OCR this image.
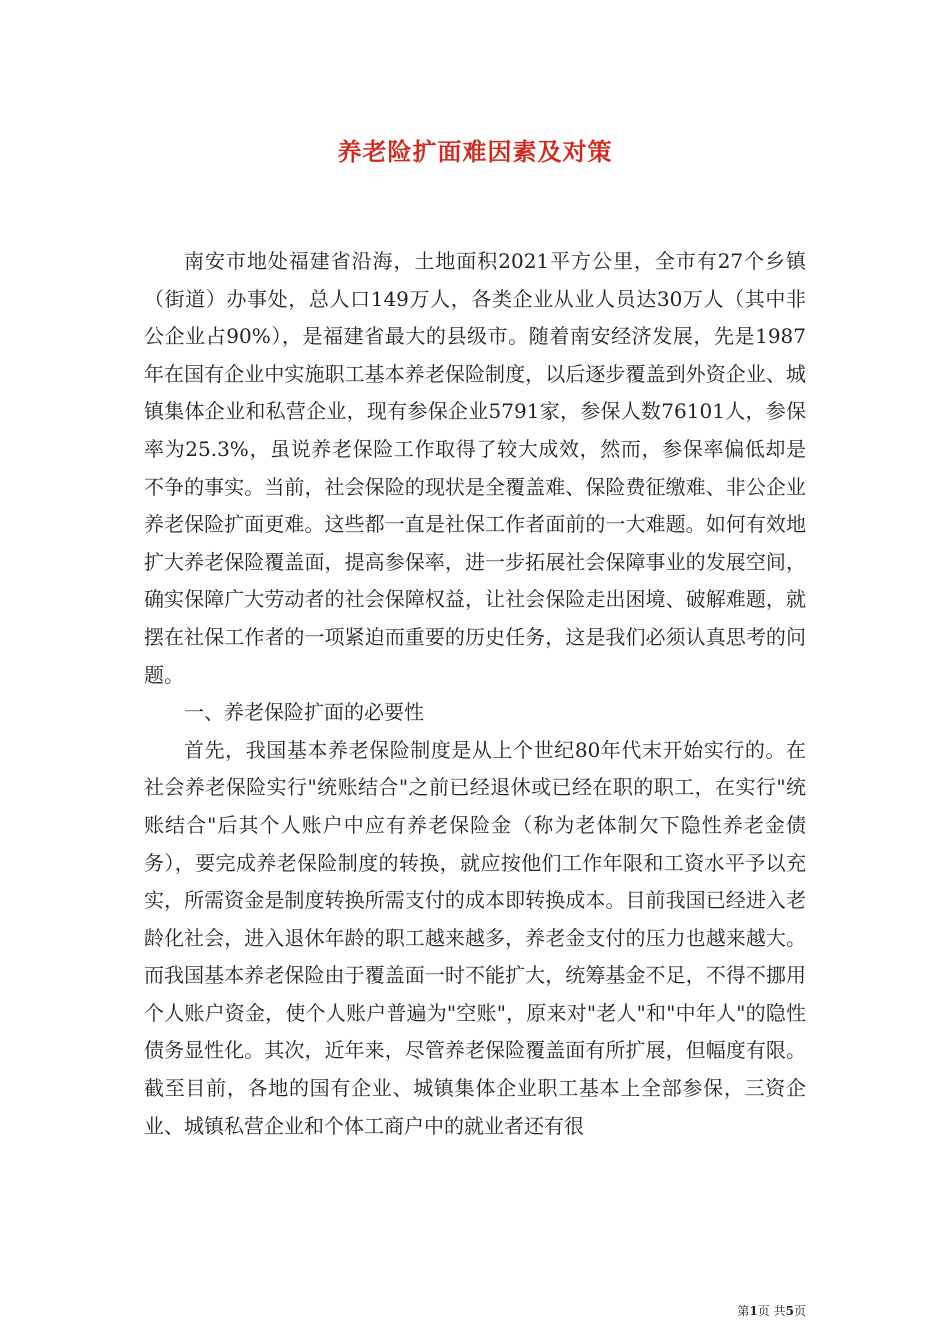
养老险扩面难因素及对策

南安市地处福建省沿海，土地面积2021平方公里，全市有27个乡镇（街道）办事处，总人口149万人，各类企业从业人员达30万人（其中非公企业占90%），是福建省最大的县级市。随着南安经济发展，先是1987年在国有企业中实施职工基本养老保险制度，以后逐步覆盖到外资企业、城镇集体企业和私营企业，现有参保企业5791家，参保人数76101人，参保率为25.3%，虽说养老保险工作取得了较大成效，然而，参保率偏低却是不争的事实。当前，社会保险的现状是全覆盖难、保险费征缴难、非公企业养老保险扩面更难。这些都一直是社保工作者面前的一大难题。如何有效地扩大养老保险覆盖面，提高参保率，进一步拓展社会保障事业的发展空间，确实保障广大劳动者的社会保障权益，让社会保险走出困境、破解难题，就摆在社保工作者的一项紧迫而重要的历史任务，这是我们必须认真思考的问题。

一、养老保险扩面的必要性

首先，我国基本养老保险制度是从上个世纪80年代末开始实行的。在社会养老保险实行"统账结合"之前已经退休或已经在职的职工，在实行"统账结合"后其个人账户中应有养老保险金（称为老体制欠下隐性养老金债务），要完成养老保险制度的转换，就应按他们工作年限和工资水平予以充实，所需资金是制度转换所需支付的成本即转换成本。目前我国已经进入老龄化社会，进入退休年龄的职工越来越多，养老金支付的压力也越来越大。而我国基本养老保险由于覆盖面一时不能扩大，统筹基金不足，不得不挪用个人账户资金，使个人账户普遍为"空账"，原来对"老人"和"中年人"的隐性债务显性化。其次，近年来，尽管养老保险覆盖面有所扩展，但幅度有限。截至目前，各地的国有企业、城镇集体企业职工基本上全部参保，三资企业、城镇私营企业和个体工商户中的就业者还有很

第1页 共5页
